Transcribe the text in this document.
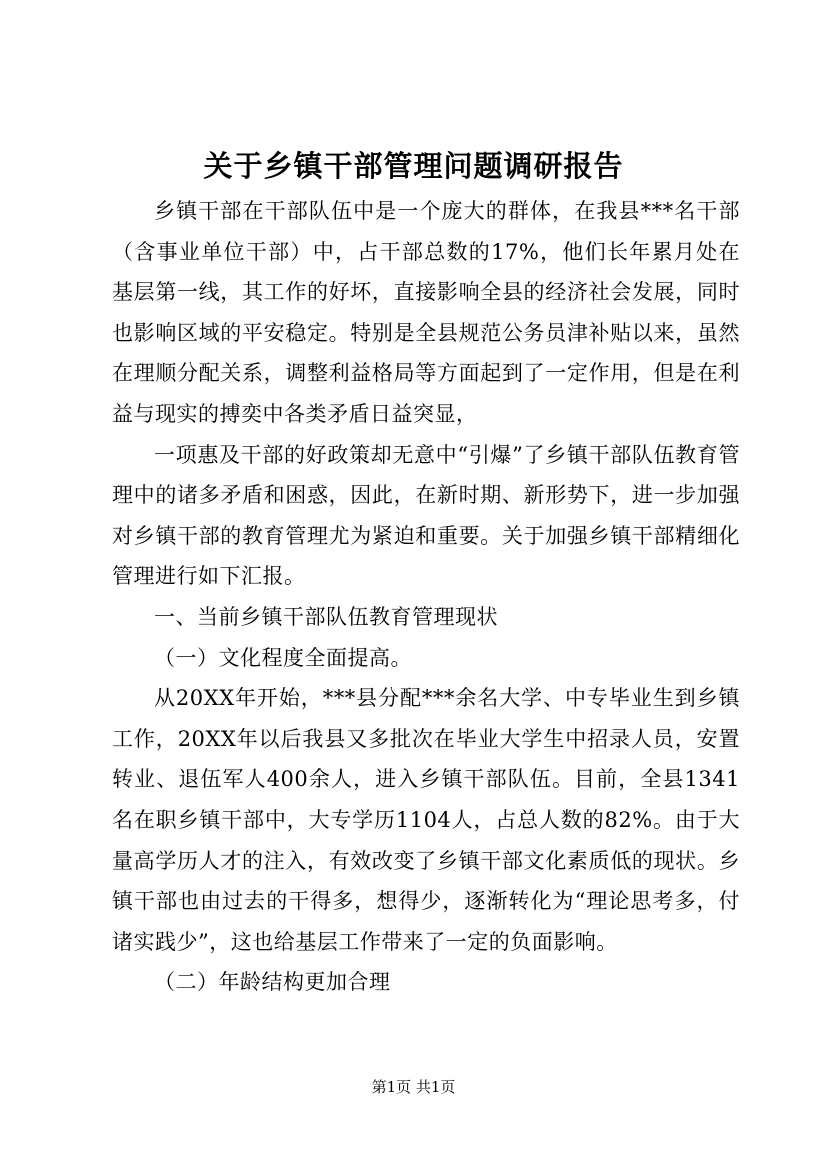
关于乡镇干部管理问题调研报告

乡镇干部在干部队伍中是一个庞大的群体，在我县***名干部（含事业单位干部）中，占干部总数的17%，他们长年累月处在基层第一线，其工作的好坏，直接影响全县的经济社会发展，同时也影响区域的平安稳定。特别是全县规范公务员津补贴以来，虽然在理顺分配关系，调整利益格局等方面起到了一定作用，但是在利益与现实的搏奕中各类矛盾日益突显，

一项惠及干部的好政策却无意中“引爆”了乡镇干部队伍教育管理中的诸多矛盾和困惑，因此，在新时期、新形势下，进一步加强对乡镇干部的教育管理尤为紧迫和重要。关于加强乡镇干部精细化管理进行如下汇报。

一、当前乡镇干部队伍教育管理现状

（一）文化程度全面提高。

从20XX年开始，***县分配***余名大学、中专毕业生到乡镇工作，20XX年以后我县又多批次在毕业大学生中招录人员，安置转业、退伍军人400余人，进入乡镇干部队伍。目前，全县1341名在职乡镇干部中，大专学历1104人，占总人数的82%。由于大量高学历人才的注入，有效改变了乡镇干部文化素质低的现状。乡镇干部也由过去的干得多，想得少，逐渐转化为“理论思考多，付诸实践少”，这也给基层工作带来了一定的负面影响。

（二）年龄结构更加合理

第1页 共1页
